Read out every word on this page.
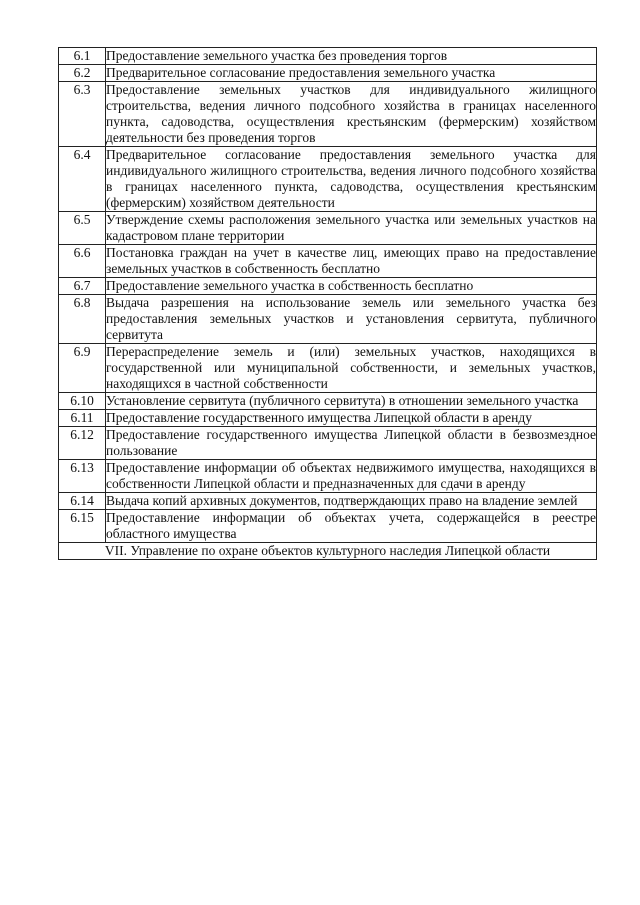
6.1	Предоставление земельного участка без проведения торгов
6.2	Предварительное согласование предоставления земельного участка
6.3	Предоставление земельных участков для индивидуального жилищного строительства, ведения личного подсобного хозяйства в границах населенного пункта, садоводства, осуществления крестьянским (фермерским) хозяйством деятельности без проведения торгов
6.4	Предварительное согласование предоставления земельного участка для индивидуального жилищного строительства, ведения личного подсобного хозяйства в границах населенного пункта, садоводства, осуществления крестьянским (фермерским) хозяйством деятельности
6.5	Утверждение схемы расположения земельного участка или земельных участков на кадастровом плане территории
6.6	Постановка граждан на учет в качестве лиц, имеющих право на предоставление земельных участков в собственность бесплатно
6.7	Предоставление земельного участка в собственность бесплатно
6.8	Выдача разрешения на использование земель или земельного участка без предоставления земельных участков и установления сервитута, публичного сервитута
6.9	Перераспределение земель и (или) земельных участков, находящихся в государственной или муниципальной собственности, и земельных участков, находящихся в частной собственности
6.10	Установление сервитута (публичного сервитута) в отношении земельного участка
6.11	Предоставление государственного имущества Липецкой области в аренду
6.12	Предоставление государственного имущества Липецкой области в безвозмездное пользование
6.13	Предоставление информации об объектах недвижимого имущества, находящихся в собственности Липецкой области и предназначенных для сдачи в аренду
6.14	Выдача копий архивных документов, подтверждающих право на владение землей
6.15	Предоставление информации об объектах учета, содержащейся в реестре областного имущества
VII. Управление по охране объектов культурного наследия Липецкой области	
